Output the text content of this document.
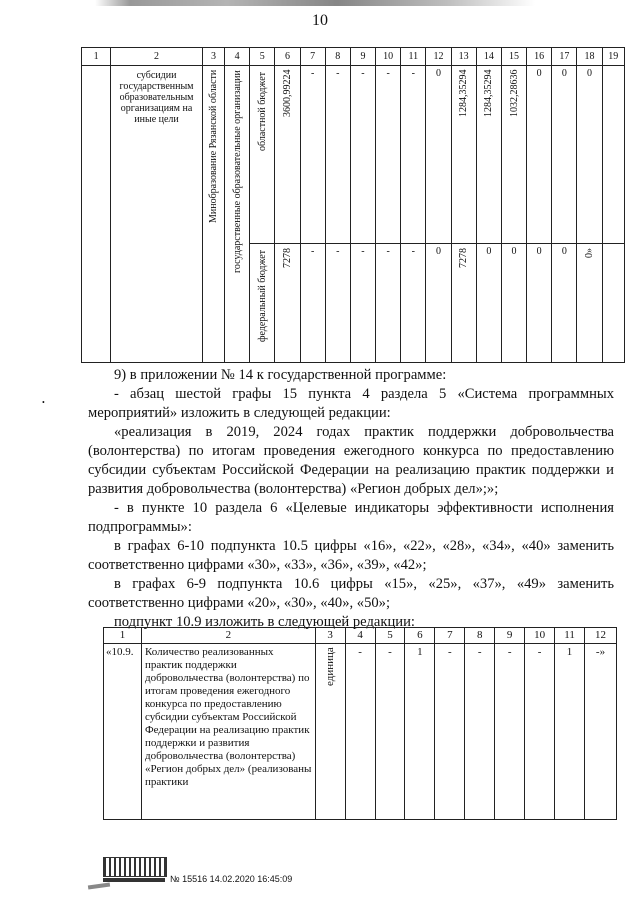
10
•
1	2	3	4	5	6	7	8	9	10	11	12	13	14	15	16	17	18	19

	субсидии государственным образовательным организациям на иные цели	Минобразование Рязанской области	государственные образовательные организации	областной бюджет	3600,99224	-	-	-	-	-	0	1284,35294	1284,35294	1032,28636	0	0	0	

				федеральный бюджет	7278	-	-	-	-	-	0	7278	0	0	0	0	0»	

9) в приложении № 14 к государственной программе:

- абзац шестой графы 15 пункта 4 раздела 5 «Система программных мероприятий» изложить в следующей редакции:

«реализация в 2019, 2024 годах практик поддержки добровольчества (волонтерства) по итогам проведения ежегодного конкурса по предоставлению субсидии субъектам Российской Федерации на реализацию практик поддержки и развития добровольчества (волонтерства) «Регион добрых дел»;»;

- в пункте 10 раздела 6 «Целевые индикаторы эффективности исполнения подпрограммы»:

в графах 6-10 подпункта 10.5 цифры «16», «22», «28», «34», «40» заменить соответственно цифрами «30», «33», «36», «39», «42»;

в графах 6-9 подпункта 10.6 цифры «15», «25», «37», «49» заменить соответственно цифрами «20», «30», «40», «50»;

подпункт 10.9 изложить в следующей редакции:

1	2	3	4	5	6	7	8	9	10	11	12
«10.9.	Количество реализованных практик поддержки добровольчества (волонтерства) по итогам проведения ежегодного конкурса по предоставлению субсидии субъектам Российской Федерации на реализацию практик поддержки и развития добровольчества (волонтерства) «Регион добрых дел» (реализованы практики	единица	-	-	1	-	-	-	-	1	-»
№ 15516 14.02.2020 16:45:09
